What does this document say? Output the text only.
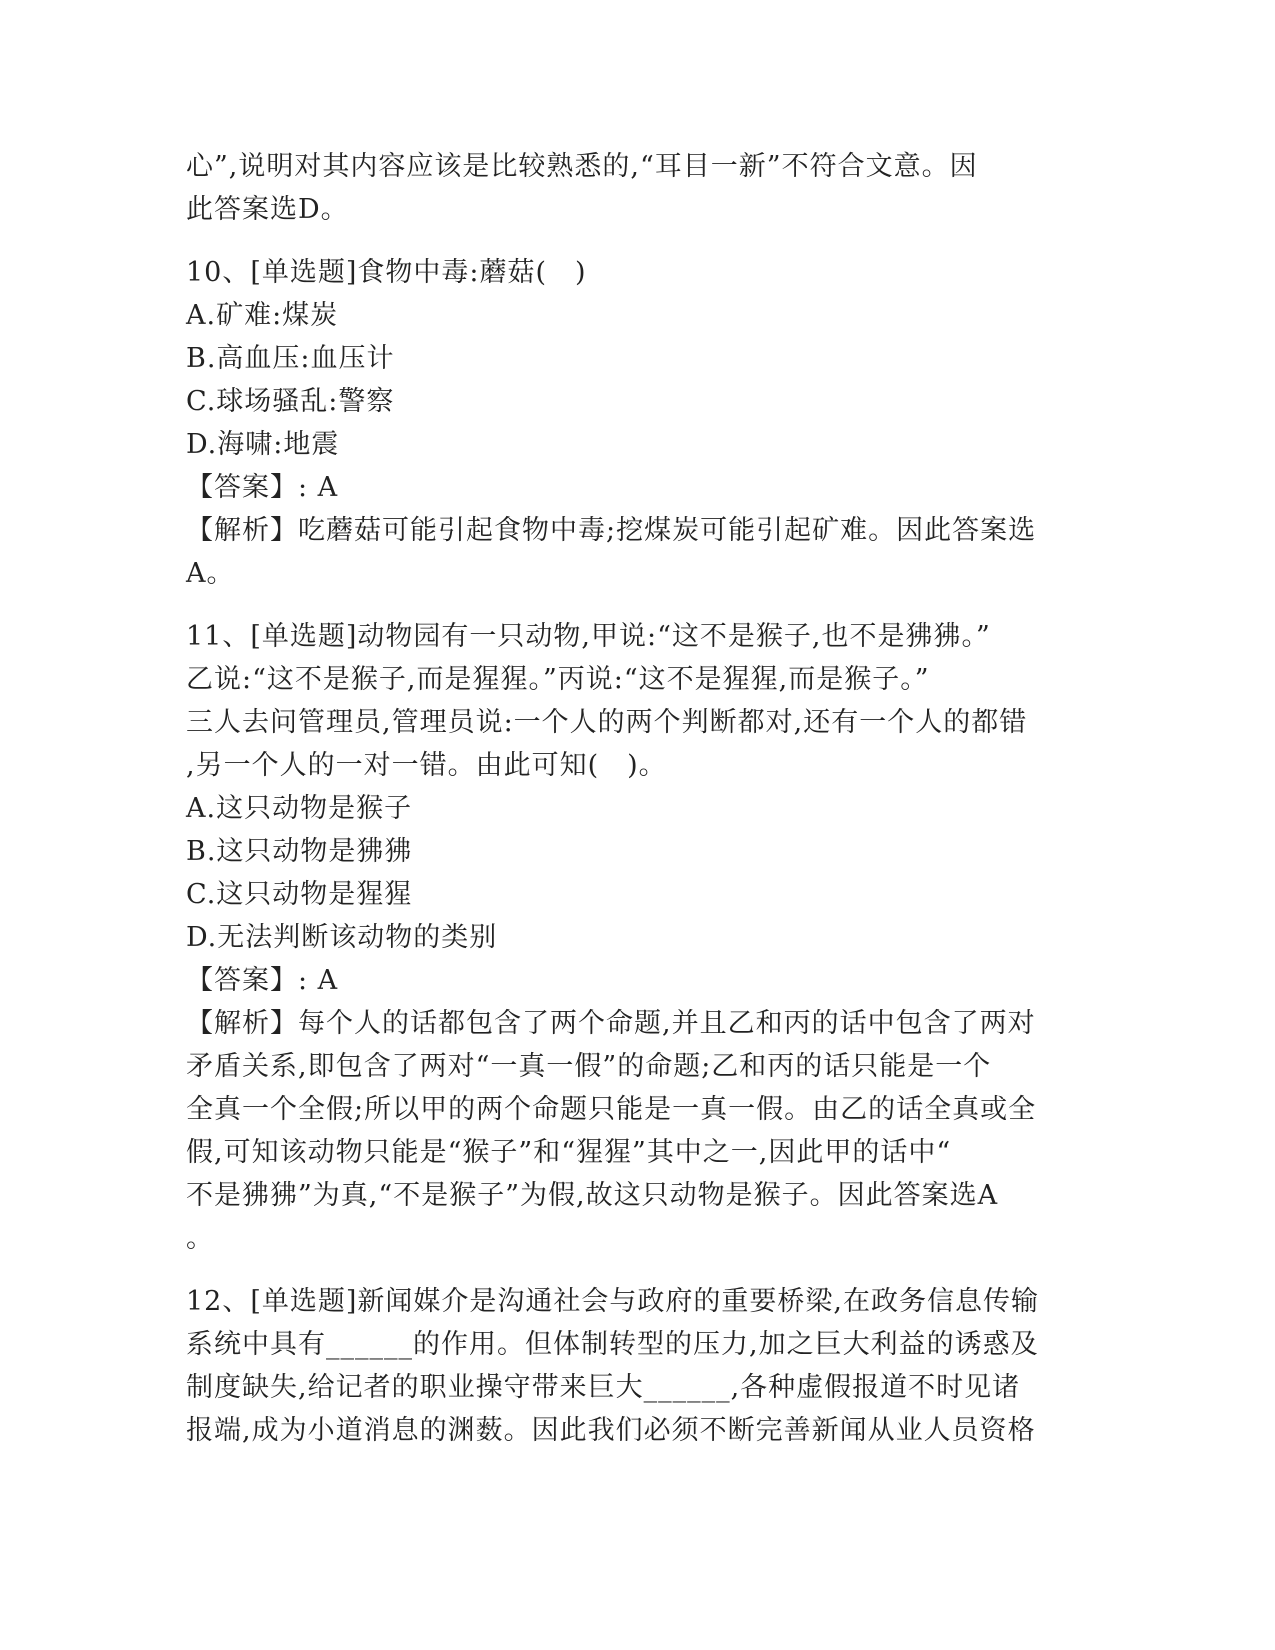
心”,说明对其内容应该是比较熟悉的,“耳目一新”不符合文意。因
此答案选D。
10、[单选题]食物中毒:蘑菇(　)
A.矿难:煤炭
B.高血压:血压计
C.球场骚乱:警察
D.海啸:地震
【答案】: A
【解析】吃蘑菇可能引起食物中毒;挖煤炭可能引起矿难。因此答案选
A。
11、[单选题]动物园有一只动物,甲说:“这不是猴子,也不是狒狒。”
乙说:“这不是猴子,而是猩猩。”丙说:“这不是猩猩,而是猴子。”
三人去问管理员,管理员说:一个人的两个判断都对,还有一个人的都错
,另一个人的一对一错。由此可知(　)。
A.这只动物是猴子
B.这只动物是狒狒
C.这只动物是猩猩
D.无法判断该动物的类别
【答案】: A
【解析】每个人的话都包含了两个命题,并且乙和丙的话中包含了两对
矛盾关系,即包含了两对“一真一假”的命题;乙和丙的话只能是一个
全真一个全假;所以甲的两个命题只能是一真一假。由乙的话全真或全
假,可知该动物只能是“猴子”和“猩猩”其中之一,因此甲的话中“
不是狒狒”为真,“不是猴子”为假,故这只动物是猴子。因此答案选A
。
12、[单选题]新闻媒介是沟通社会与政府的重要桥梁,在政务信息传输
系统中具有______的作用。但体制转型的压力,加之巨大利益的诱惑及
制度缺失,给记者的职业操守带来巨大______,各种虚假报道不时见诸
报端,成为小道消息的渊薮。因此我们必须不断完善新闻从业人员资格
